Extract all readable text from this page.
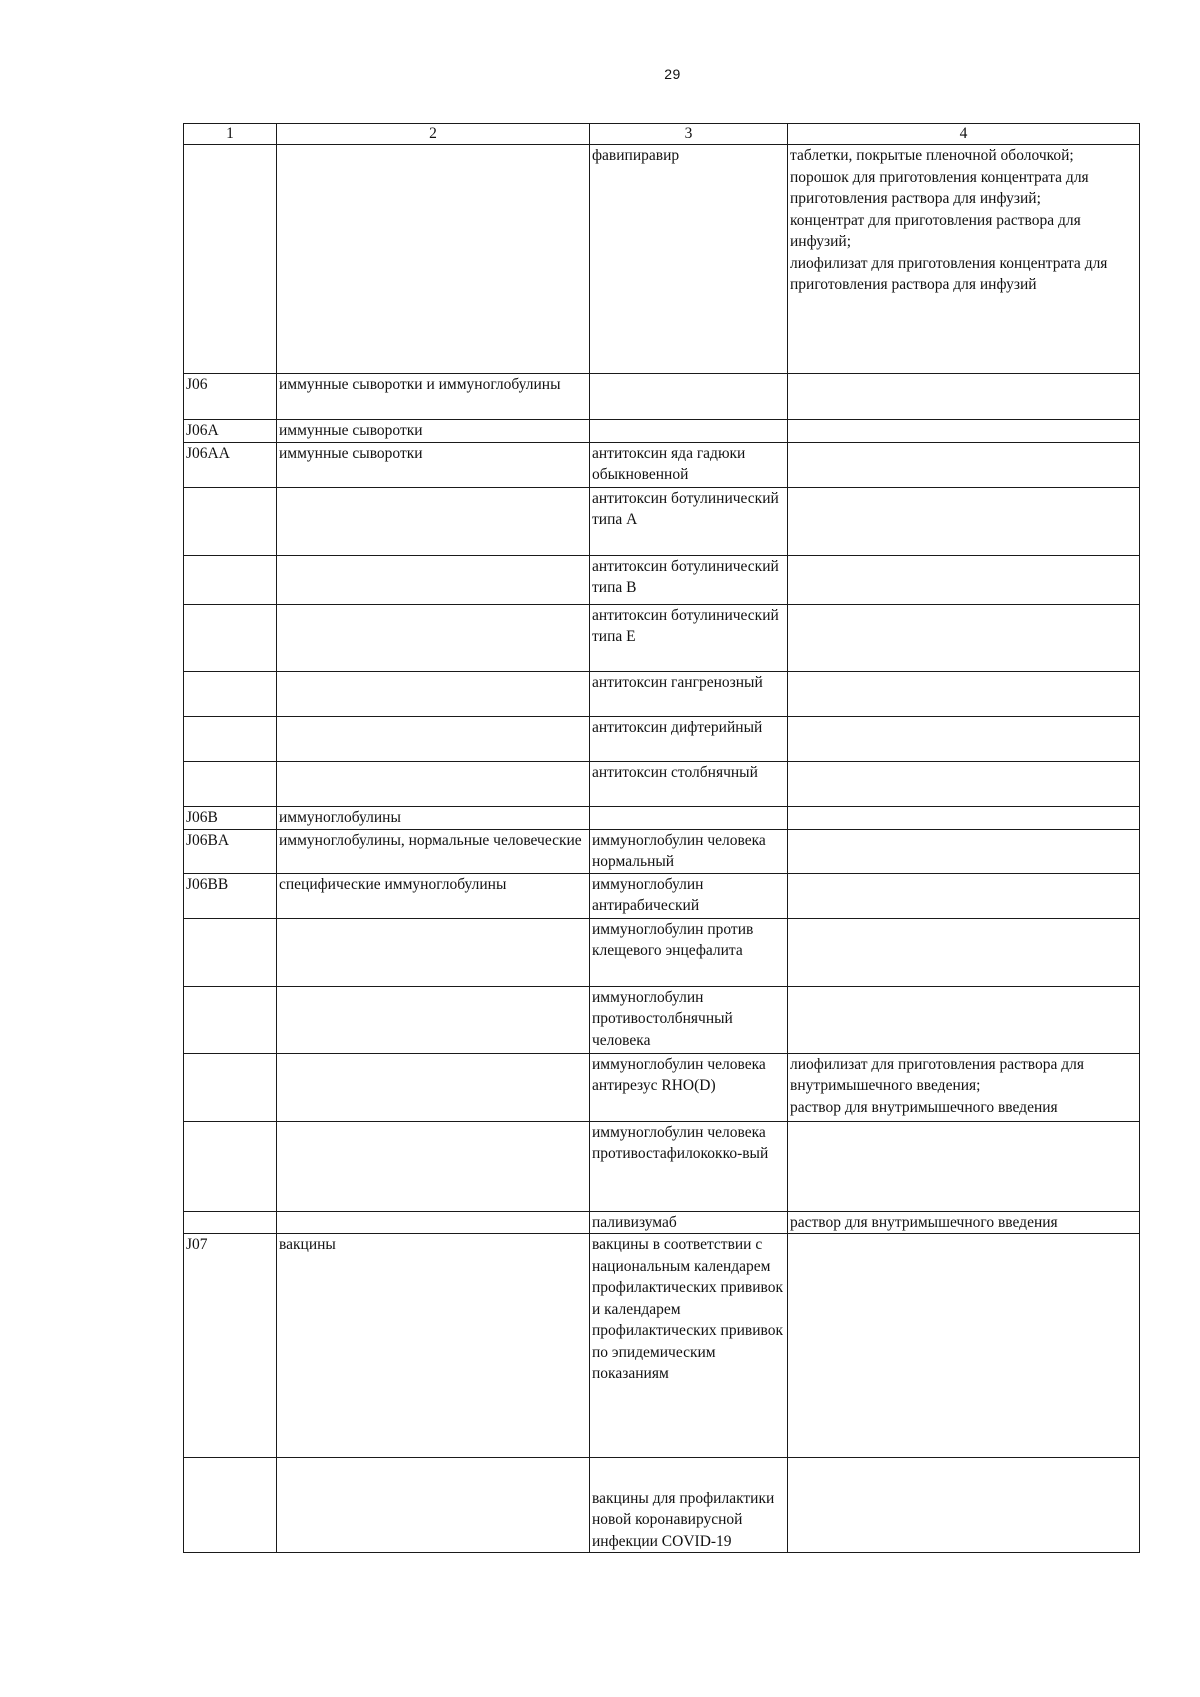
29
1	2	3	4
		фавипиравир	таблетки, покрытые пленочной оболочкой;
порошок для приготовления концентрата для приготовления раствора для инфузий;
концентрат для приготовления раствора для инфузий;
лиофилизат для приготовления концентрата для приготовления раствора для инфузий

J06	иммунные сыворотки и иммуноглобулины		
J06A	иммунные сыворотки		
J06AA	иммунные сыворотки	антитоксин яда гадюки обыкновенной	
		антитоксин ботулинический типа A	
		антитоксин ботулинический типа B	
		антитоксин ботулинический типа E	
		антитоксин гангренозный	
		антитоксин дифтерийный	
		антитоксин столбнячный	
J06B	иммуноглобулины		
J06BA	иммуноглобулины, нормальные человеческие	иммуноглобулин человека нормальный	
J06BB	специфические иммуноглобулины	иммуноглобулин антирабический	
		иммуноглобулин против клещевого энцефалита	
		иммуноглобулин противостолбнячный человека	
		иммуноглобулин человека антирезус RHO(D)	лиофилизат для приготовления раствора для внутримышечного введения;
раствор для внутримышечного введения

		иммуноглобулин человека противостафилококко-вый	
		паливизумаб	раствор для внутримышечного введения

J07	вакцины	вакцины в соответствии с национальным календарем профилактических прививок и календарем профилактических прививок по эпидемическим показаниям	
		вакцины для профилактики новой коронавирусной инфекции COVID-19	
